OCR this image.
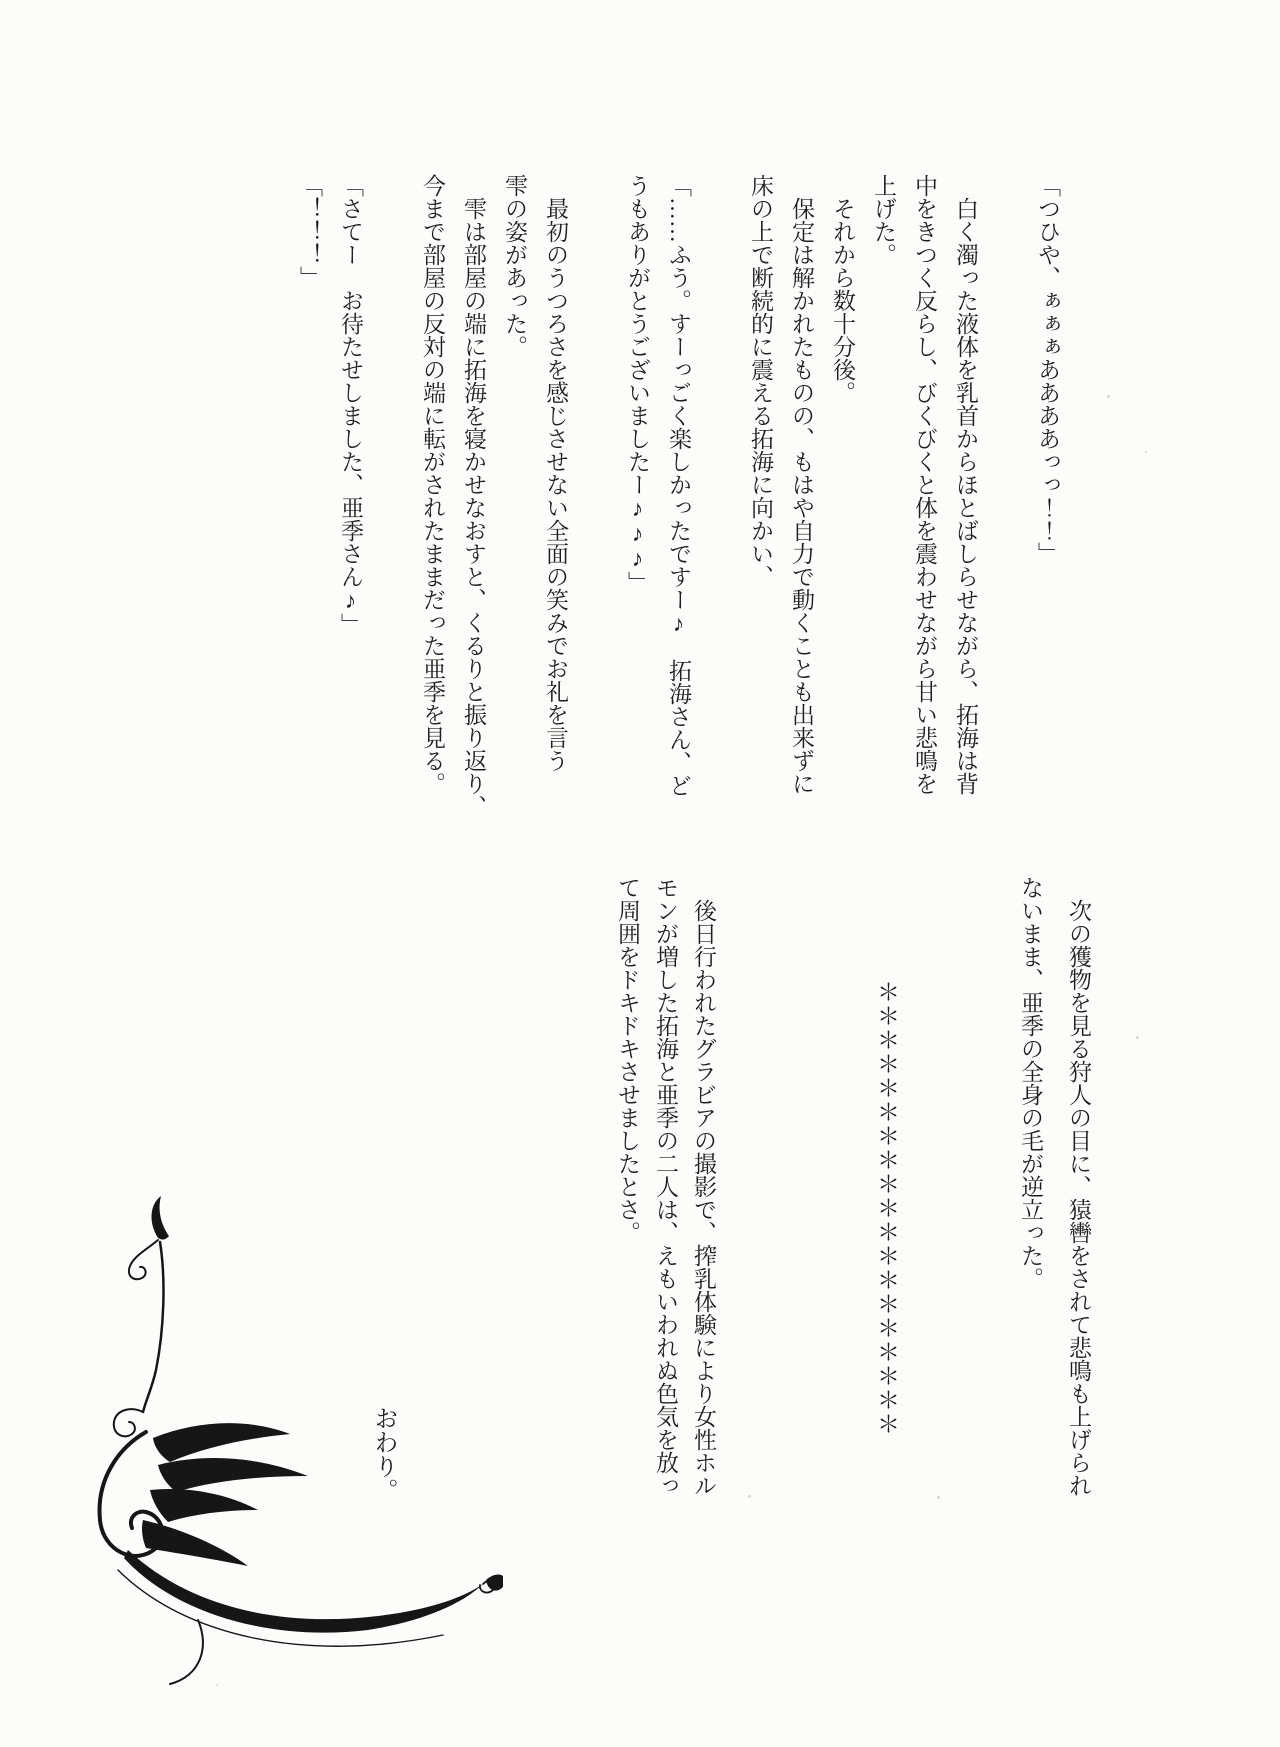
「つひや、ぁぁぁああああっっ！！」

　白く濁った液体を乳首からほとばしらせながら、拓海は背

中をきつく反らし、びくびくと体を震わせながら甘い悲鳴を

上げた。

　それから数十分後。

　保定は解かれたものの、もはや自力で動くことも出来ずに

床の上で断続的に震える拓海に向かい、

「……ふう。すーっごく楽しかったですー♪　拓海さん、ど

うもありがとうございましたー♪♪♪」

　最初のうつろさを感じさせない全面の笑みでお礼を言う

雫の姿があった。

　雫は部屋の端に拓海を寝かせなおすと、くるりと振り返り、

今まで部屋の反対の端に転がされたままだった亜季を見る。

「さてー　お待たせしました、亜季さん♪」

「！！！」

　次の獲物を見る狩人の目に、猿轡をされて悲鳴も上げられ

ないまま、亜季の全身の毛が逆立った。

＊＊＊＊＊＊＊＊＊＊＊＊＊＊＊＊＊＊＊

　後日行われたグラビアの撮影で、搾乳体験により女性ホル

モンが増した拓海と亜季の二人は、えもいわれぬ色気を放っ

て周囲をドキドキさせましたとさ。

おわり。
